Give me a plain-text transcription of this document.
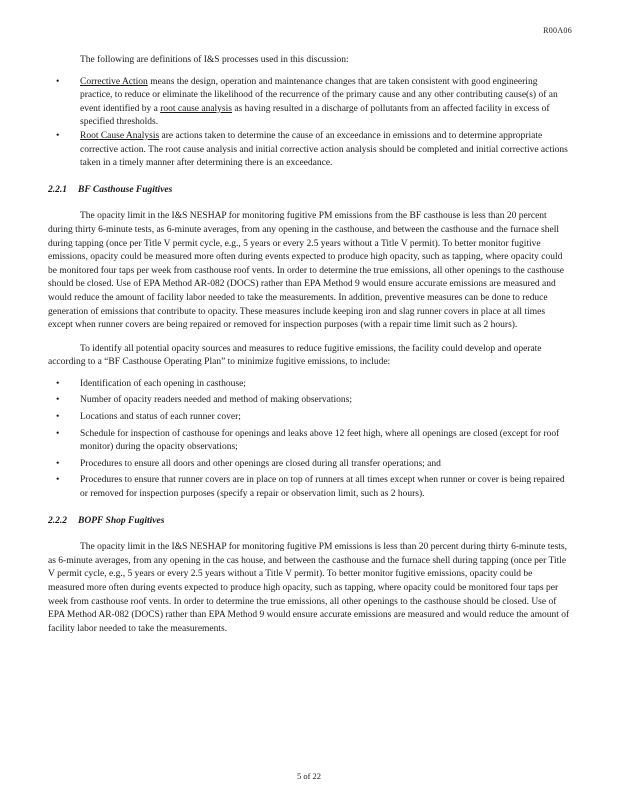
R00A06

The following are definitions of I&S processes used in this discussion:

• Corrective Action means the design, operation and maintenance changes that are taken consistent with good engineering practice, to reduce or eliminate the likelihood of the recurrence of the primary cause and any other contributing cause(s) of an event identified by a root cause analysis as having resulted in a discharge of pollutants from an affected facility in excess of specified thresholds.
• Root Cause Analysis are actions taken to determine the cause of an exceedance in emissions and to determine appropriate corrective action. The root cause analysis and initial corrective action analysis should be completed and initial corrective actions taken in a timely manner after determining there is an exceedance.
2.2.1 BF Casthouse Fugitives

The opacity limit in the I&S NESHAP for monitoring fugitive PM emissions from the BF casthouse is less than 20 percent during thirty 6-minute tests, as 6-minute averages, from any opening in the casthouse, and between the casthouse and the furnace shell during tapping (once per Title V permit cycle, e.g., 5 years or every 2.5 years without a Title V permit). To better monitor fugitive emissions, opacity could be measured more often during events expected to produce high opacity, such as tapping, where opacity could be monitored four taps per week from casthouse roof vents. In order to determine the true emissions, all other openings to the casthouse should be closed. Use of EPA Method AR-082 (DOCS) rather than EPA Method 9 would ensure accurate emissions are measured and would reduce the amount of facility labor needed to take the measurements. In addition, preventive measures can be done to reduce generation of emissions that contribute to opacity. These measures include keeping iron and slag runner covers in place at all times except when runner covers are being repaired or removed for inspection purposes (with a repair time limit such as 2 hours).

To identify all potential opacity sources and measures to reduce fugitive emissions, the facility could develop and operate according to a “BF Casthouse Operating Plan” to minimize fugitive emissions, to include:

• Identification of each opening in casthouse;
• Number of opacity readers needed and method of making observations;
• Locations and status of each runner cover;
• Schedule for inspection of casthouse for openings and leaks above 12 feet high, where all openings are closed (except for roof monitor) during the opacity observations;
• Procedures to ensure all doors and other openings are closed during all transfer operations; and
• Procedures to ensure that runner covers are in place on top of runners at all times except when runner or cover is being repaired or removed for inspection purposes (specify a repair or observation limit, such as 2 hours).
2.2.2 BOPF Shop Fugitives

The opacity limit in the I&S NESHAP for monitoring fugitive PM emissions is less than 20 percent during thirty 6-minute tests, as 6-minute averages, from any opening in the cas house, and between the casthouse and the furnace shell during tapping (once per Title V permit cycle, e.g., 5 years or every 2.5 years without a Title V permit). To better monitor fugitive emissions, opacity could be measured more often during events expected to produce high opacity, such as tapping, where opacity could be monitored four taps per week from casthouse roof vents. In order to determine the true emissions, all other openings to the casthouse should be closed. Use of EPA Method AR-082 (DOCS) rather than EPA Method 9 would ensure accurate emissions are measured and would reduce the amount of facility labor needed to take the measurements.

5 of 22
